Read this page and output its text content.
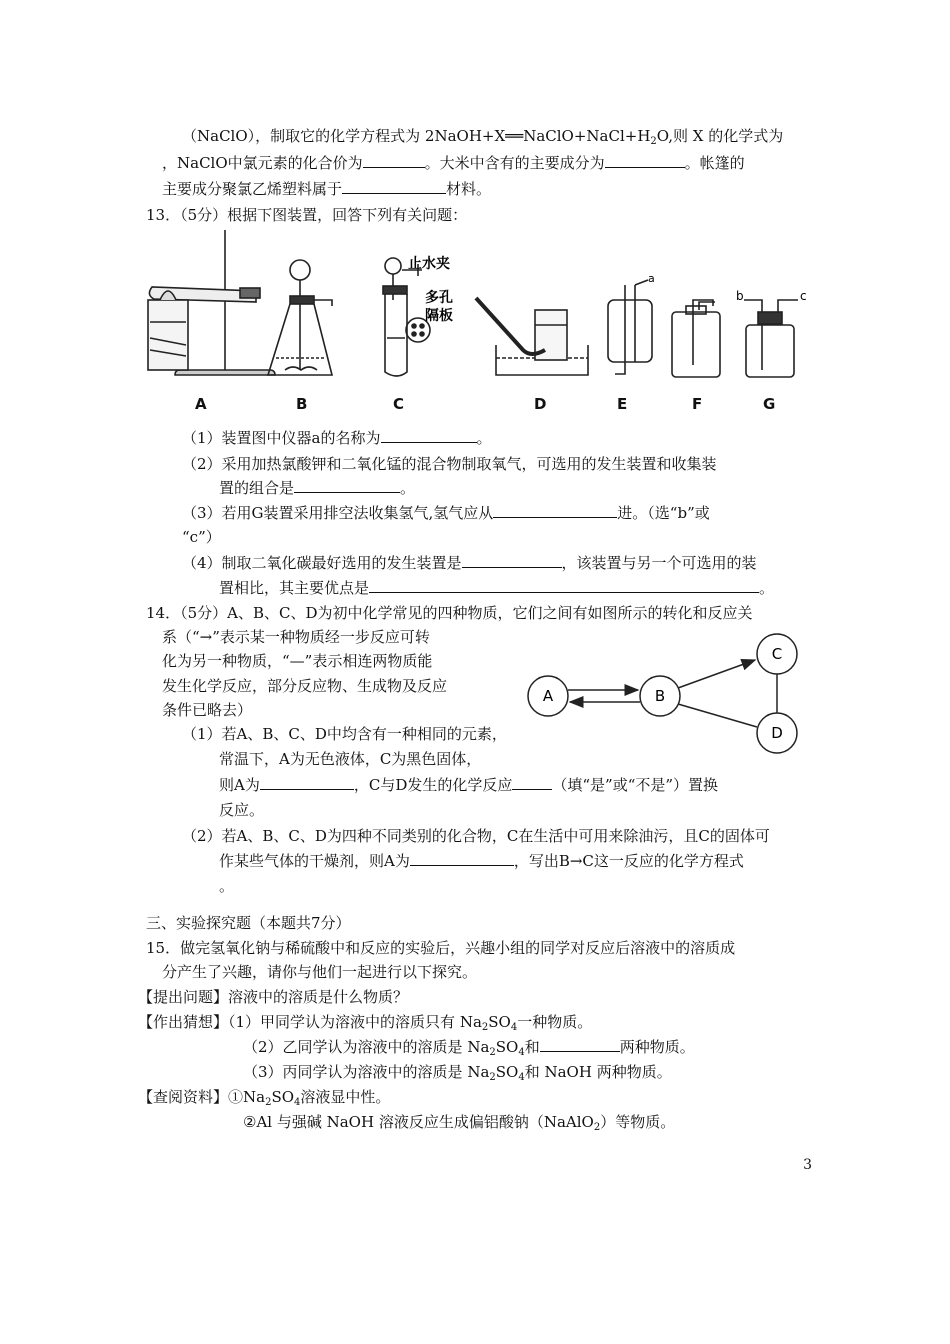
（NaClO），制取它的化学方程式为 $2NaOH+X══NaClO+NaCl+H_2O$,则 X 的化学式为
，NaClO中氯元素的化合价为	。大米中含有的主要成分为	。帐篷的
主要成分聚氯乙烯塑料属于	材料。
13．（5分）根据下图装置，回答下列有关问题：
止水夹
多孔
隔板
a
b	c
A	B	C	D	E	F	G
（1）装置图中仪器a的名称为	。
（2）采用加热氯酸钾和二氧化锰的混合物制取氧气，可选用的发生装置和收集装
置的组合是	。
（3）若用G装置采用排空法收集氢气,氢气应从	进。（选“b”或
“c”）
（4）制取二氧化碳最好选用的发生装置是	，该装置与另一个可选用的装
置相比，其主要优点是	。
14．（5分）A、B、C、D为初中化学常见的四种物质，它们之间有如图所示的转化和反应关
系（“→”表示某一种物质经一步反应可转
化为另一种物质，“—”表示相连两物质能
发生化学反应，部分反应物、生成物及反应
条件已略去）
（1）若A、B、C、D中均含有一种相同的元素，
常温下，A为无色液体，C为黑色固体，
则A为	，C与D发生的化学反应	（填“是”或“不是”）置换
反应。
（2）若A、B、C、D为四种不同类别的化合物，C在生活中可用来除油污，且C的固体可
作某些气体的干燥剂，则A为	，写出B→C这一反应的化学方程式
。
A	B
C
D
三、实验探究题（本题共7分）
15．做完氢氧化钠与稀硫酸中和反应的实验后，兴趣小组的同学对反应后溶液中的溶质成
分产生了兴趣，请你与他们一起进行以下探究。
【提出问题】溶液中的溶质是什么物质？
【作出猜想】（1）甲同学认为溶液中的溶质只有 $Na_2SO_4$一种物质。
（2）乙同学认为溶液中的溶质是 $Na_2SO_4$和	两种物质。
（3）丙同学认为溶液中的溶质是 $Na_2SO_4$和 NaOH 两种物质。
【查阅资料】$①Na_2SO_4$溶液显中性。
②Al 与强碱 NaOH 溶液反应生成偏铝酸钠（NaAlO$_2$）等物质。
3
